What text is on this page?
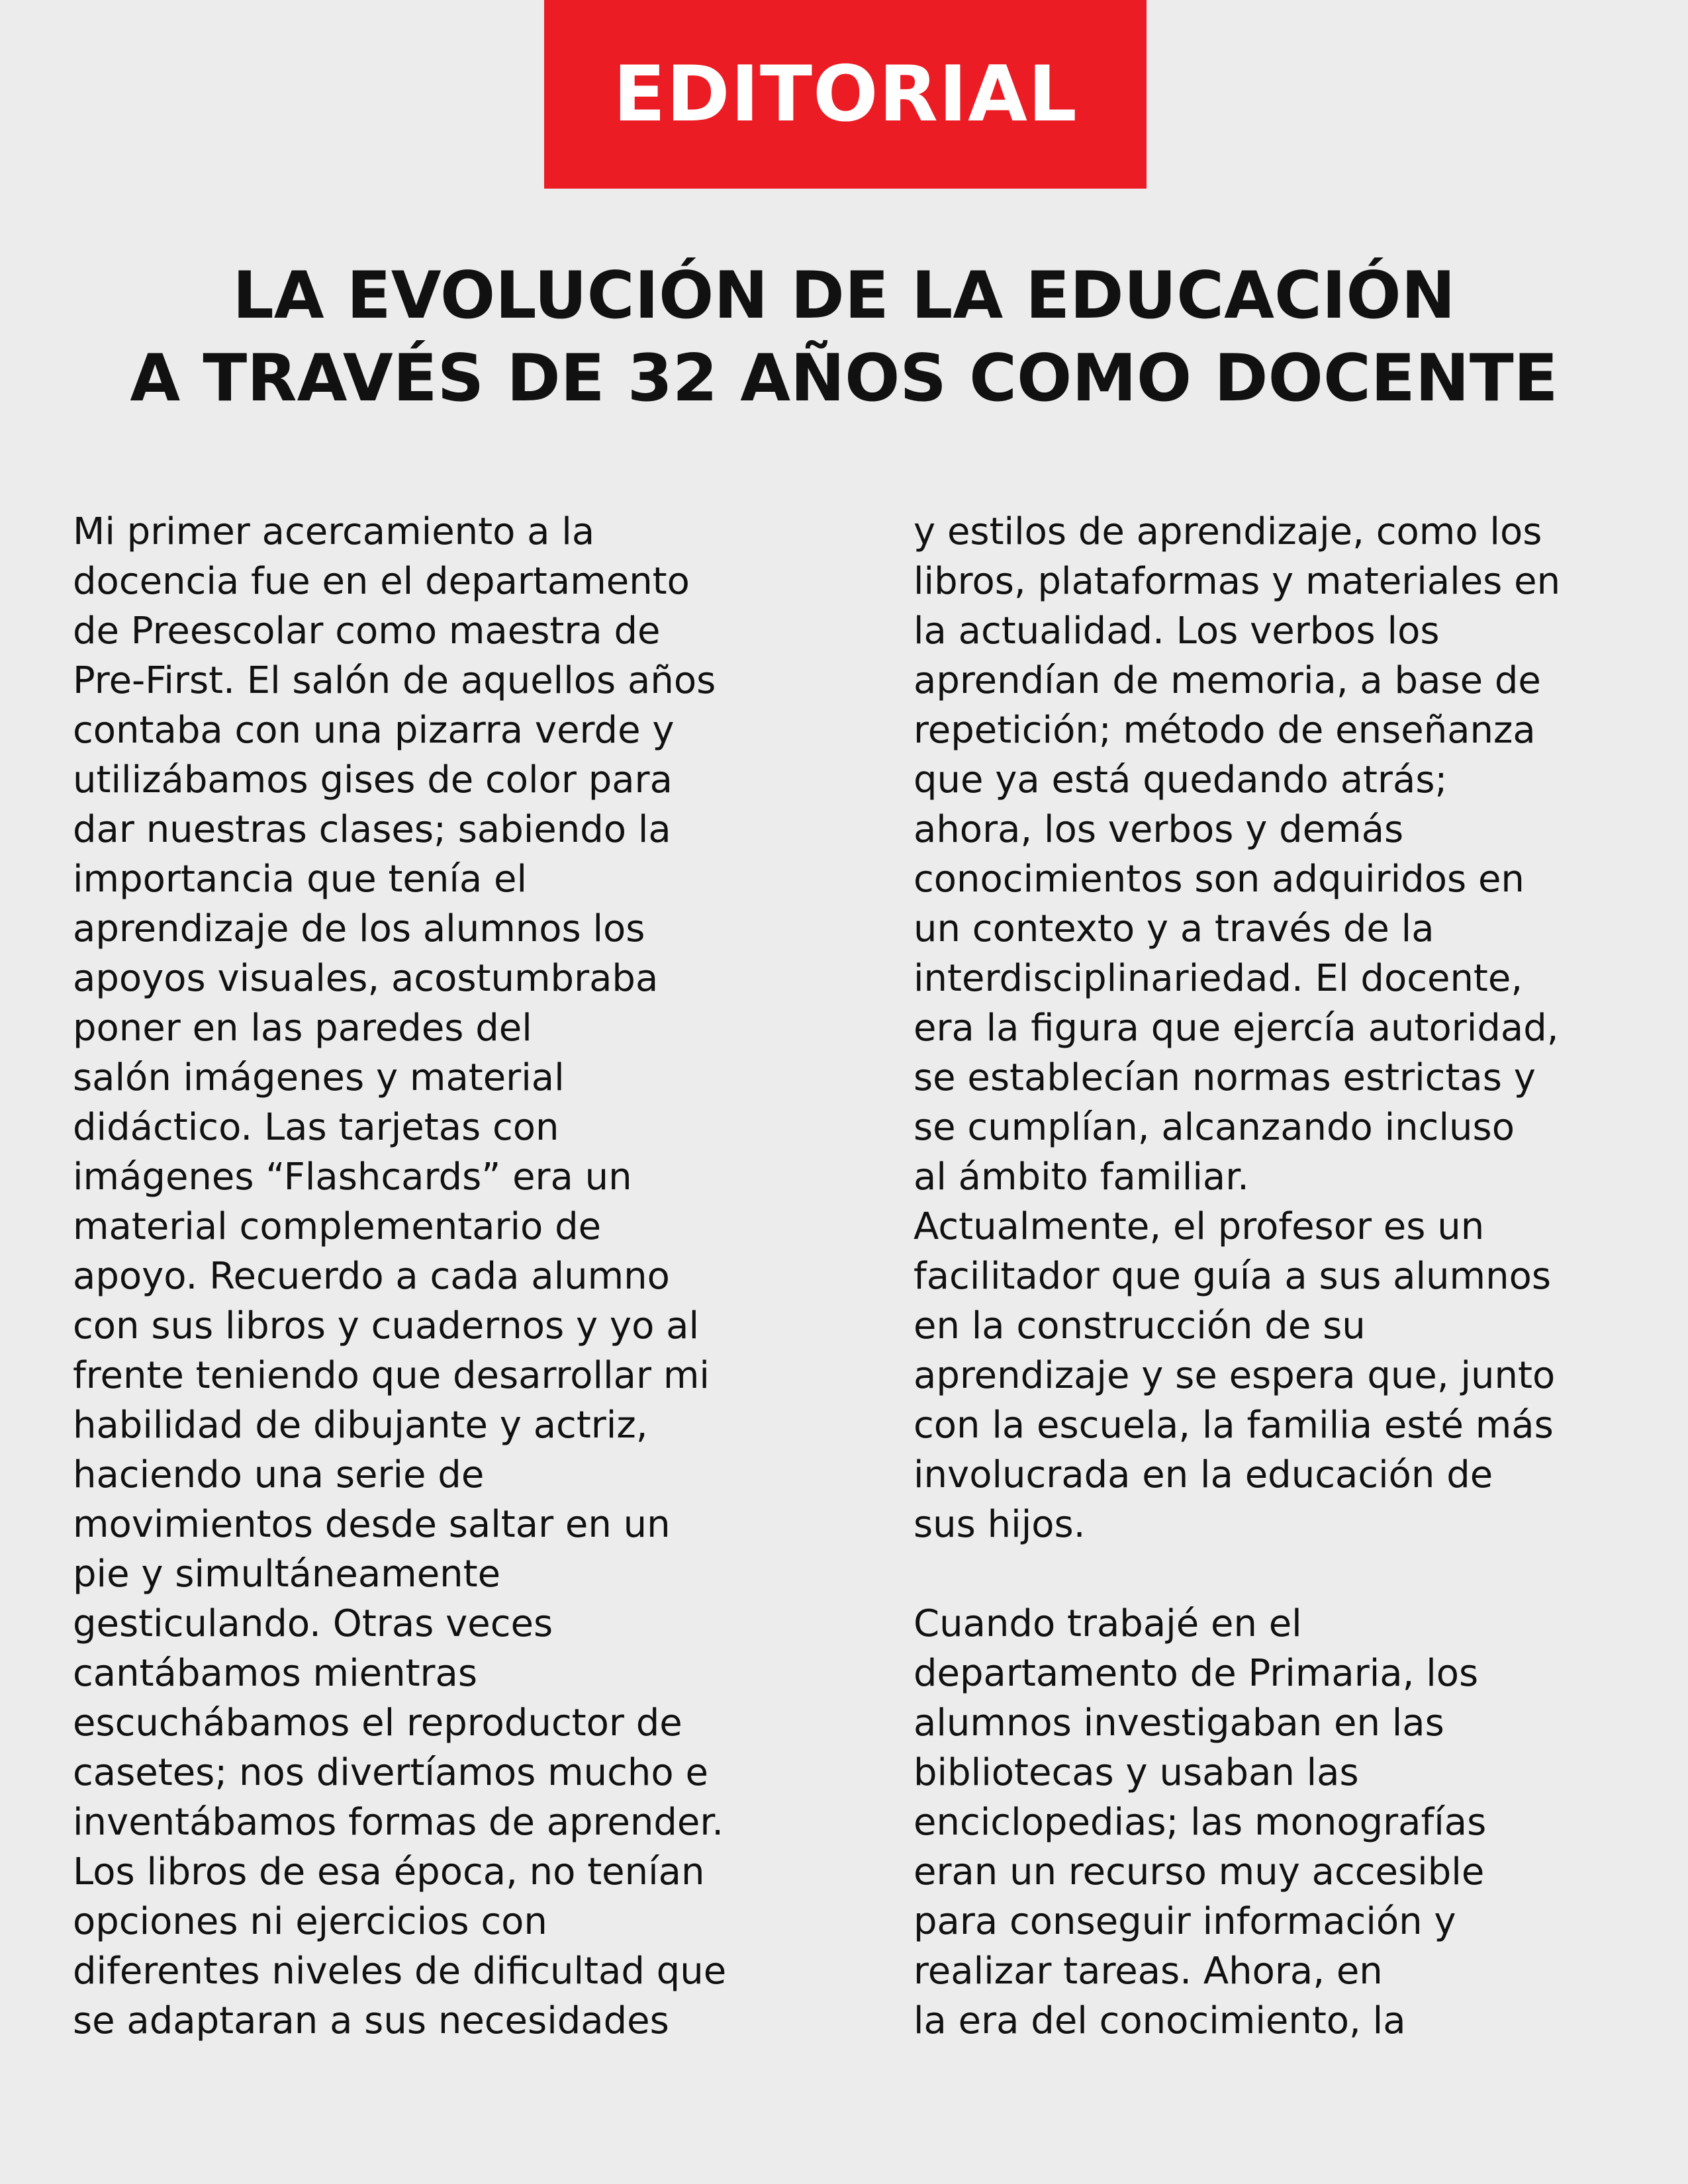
EDITORIAL
LA EVOLUCIÓN DE LA EDUCACIÓN
A TRAVÉS DE 32 AÑOS COMO DOCENTE
Mi primer acercamiento a la
docencia fue en el departamento
de Preescolar como maestra de
Pre-First. El salón de aquellos años
contaba con una pizarra verde y
utilizábamos gises de color para
dar nuestras clases; sabiendo la
importancia que tenía el
aprendizaje de los alumnos los
apoyos visuales, acostumbraba
poner en las paredes del
salón imágenes y material
didáctico. Las tarjetas con
imágenes “Flashcards” era un
material complementario de
apoyo. Recuerdo a cada alumno
con sus libros y cuadernos y yo al
frente teniendo que desarrollar mi
habilidad de dibujante y actriz,
haciendo una serie de
movimientos desde saltar en un
pie y simultáneamente
gesticulando. Otras veces
cantábamos mientras
escuchábamos el reproductor de
casetes; nos divertíamos mucho e
inventábamos formas de aprender.
Los libros de esa época, no tenían
opciones ni ejercicios con
diferentes niveles de dificultad que
se adaptaran a sus necesidades
y estilos de aprendizaje, como los
libros, plataformas y materiales en
la actualidad. Los verbos los
aprendían de memoria, a base de
repetición; método de enseñanza
que ya está quedando atrás;
ahora, los verbos y demás
conocimientos son adquiridos en
un contexto y a través de la
interdisciplinariedad. El docente,
era la figura que ejercía autoridad,
se establecían normas estrictas y
se cumplían, alcanzando incluso
al ámbito familiar.
Actualmente, el profesor es un
facilitador que guía a sus alumnos
en la construcción de su
aprendizaje y se espera que, junto
con la escuela, la familia esté más
involucrada en la educación de
sus hijos.
Cuando trabajé en el
departamento de Primaria, los
alumnos investigaban en las
bibliotecas y usaban las
enciclopedias; las monografías
eran un recurso muy accesible
para conseguir información y
realizar tareas. Ahora, en
la era del conocimiento, la
